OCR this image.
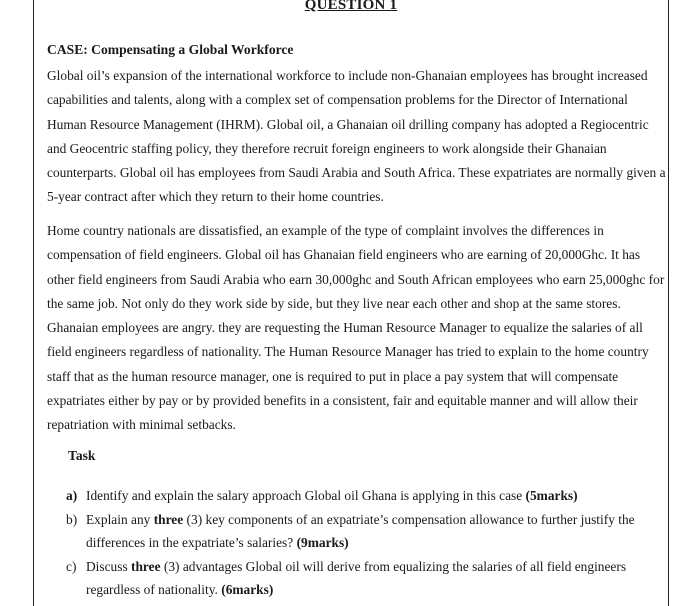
QUESTION 1
CASE: Compensating a Global Workforce

Global oil’s expansion of the international workforce to include non-Ghanaian employees has brought increased capabilities and talents, along with a complex set of compensation problems for the Director of International Human Resource Management (IHRM). Global oil, a Ghanaian oil drilling company has adopted a Regiocentric and Geocentric staffing policy, they therefore recruit foreign engineers to work alongside their Ghanaian counterparts. Global oil has employees from Saudi Arabia and South Africa. These expatriates are normally given a 5-year contract after which they return to their home countries.

Home country nationals are dissatisfied, an example of the type of complaint involves the differences in compensation of field engineers. Global oil has Ghanaian field engineers who are earning of 20,000Ghc. It has other field engineers from Saudi Arabia who earn 30,000ghc and South African employees who earn 25,000ghc for the same job. Not only do they work side by side, but they live near each other and shop at the same stores. Ghanaian employees are angry. they are requesting the Human Resource Manager to equalize the salaries of all field engineers regardless of nationality. The Human Resource Manager has tried to explain to the home country staff that as the human resource manager, one is required to put in place a pay system that will compensate expatriates either by pay or by provided benefits in a consistent, fair and equitable manner and will allow their repatriation with minimal setbacks.

Task
a) Identify and explain the salary approach Global oil Ghana is applying in this case (5marks)
b) Explain any three (3) key components of an expatriate’s compensation allowance to further justify the differences in the expatriate’s salaries? (9marks)
c) Discuss three (3) advantages Global oil will derive from equalizing the salaries of all field engineers regardless of nationality. (6marks)
